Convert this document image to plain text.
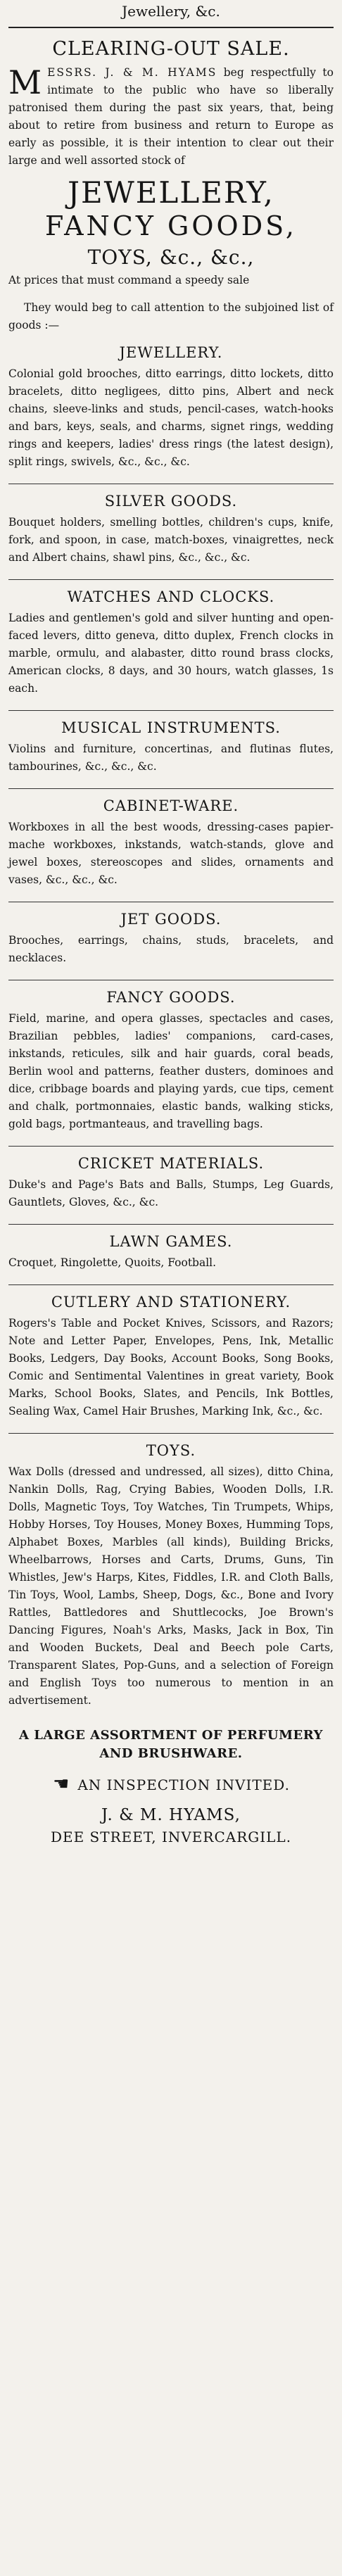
Jewellery, &c.
CLEARING-OUT SALE.
M ESSRS. J. & M. HYAMS beg respectfully to intimate to the public who have so liberally patronised them during the past six years, that, being about to retire from business and return to Europe as early as possible, it is their intention to clear out their large and well assorted stock of
JEWELLERY,
FANCY GOODS,
TOYS, &c., &c.,
At prices that must command a speedy sale
They would beg to call attention to the subjoined list of goods :—
JEWELLERY.
Colonial gold brooches, ditto earrings, ditto lockets, ditto bracelets, ditto negligees, ditto pins, Albert and neck chains, sleeve-links and studs, pencil-cases, watch-hooks and bars, keys, seals, and charms, signet rings, wedding rings and keepers, ladies' dress rings (the latest design), split rings, swivels, &c., &c., &c.
SILVER GOODS.
Bouquet holders, smelling bottles, children's cups, knife, fork, and spoon, in case, match-boxes, vinaigrettes, neck and Albert chains, shawl pins, &c., &c., &c.
WATCHES AND CLOCKS.
Ladies and gentlemen's gold and silver hunting and open-faced levers, ditto geneva, ditto duplex, French clocks in marble, ormulu, and alabaster, ditto round brass clocks, American clocks, 8 days, and 30 hours, watch glasses, 1s each.
MUSICAL INSTRUMENTS.
Violins and furniture, concertinas, and flutinas flutes, tambourines, &c., &c., &c.
CABINET-WARE.
Workboxes in all the best woods, dressing-cases papier-mache workboxes, inkstands, watch-stands, glove and jewel boxes, stereoscopes and slides, ornaments and vases, &c., &c., &c.
JET GOODS.
Brooches, earrings, chains, studs, bracelets, and necklaces.
FANCY GOODS.
Field, marine, and opera glasses, spectacles and cases, Brazilian pebbles, ladies' companions, card-cases, inkstands, reticules, silk and hair guards, coral beads, Berlin wool and patterns, feather dusters, dominoes and dice, cribbage boards and playing yards, cue tips, cement and chalk, portmonnaies, elastic bands, walking sticks, gold bags, portmanteaus, and travelling bags.
CRICKET MATERIALS.
Duke's and Page's Bats and Balls, Stumps, Leg Guards, Gauntlets, Gloves, &c., &c.
LAWN GAMES.
Croquet, Ringolette, Quoits, Football.
CUTLERY AND STATIONERY.
Rogers's Table and Pocket Knives, Scissors, and Razors; Note and Letter Paper, Envelopes, Pens, Ink, Metallic Books, Ledgers, Day Books, Account Books, Song Books, Comic and Sentimental Valentines in great variety, Book Marks, School Books, Slates, and Pencils, Ink Bottles, Sealing Wax, Camel Hair Brushes, Marking Ink, &c., &c.
TOYS.
Wax Dolls (dressed and undressed, all sizes), ditto China, Nankin Dolls, Rag, Crying Babies, Wooden Dolls, I.R. Dolls, Magnetic Toys, Toy Watches, Tin Trumpets, Whips, Hobby Horses, Toy Houses, Money Boxes, Humming Tops, Alphabet Boxes, Marbles (all kinds), Building Bricks, Wheelbarrows, Horses and Carts, Drums, Guns, Tin Whistles, Jew's Harps, Kites, Fiddles, I.R. and Cloth Balls, Tin Toys, Wool, Lambs, Sheep, Dogs, &c., Bone and Ivory Rattles, Battledores and Shuttlecocks, Joe Brown's Dancing Figures, Noah's Arks, Masks, Jack in Box, Tin and Wooden Buckets, Deal and Beech pole Carts, Transparent Slates, Pop-Guns, and a selection of Foreign and English Toys too numerous to mention in an advertisement.
A LARGE ASSORTMENT OF PERFUMERY AND BRUSHWARE.
☛ AN INSPECTION INVITED.
J. & M. HYAMS,
DEE STREET, INVERCARGILL.
